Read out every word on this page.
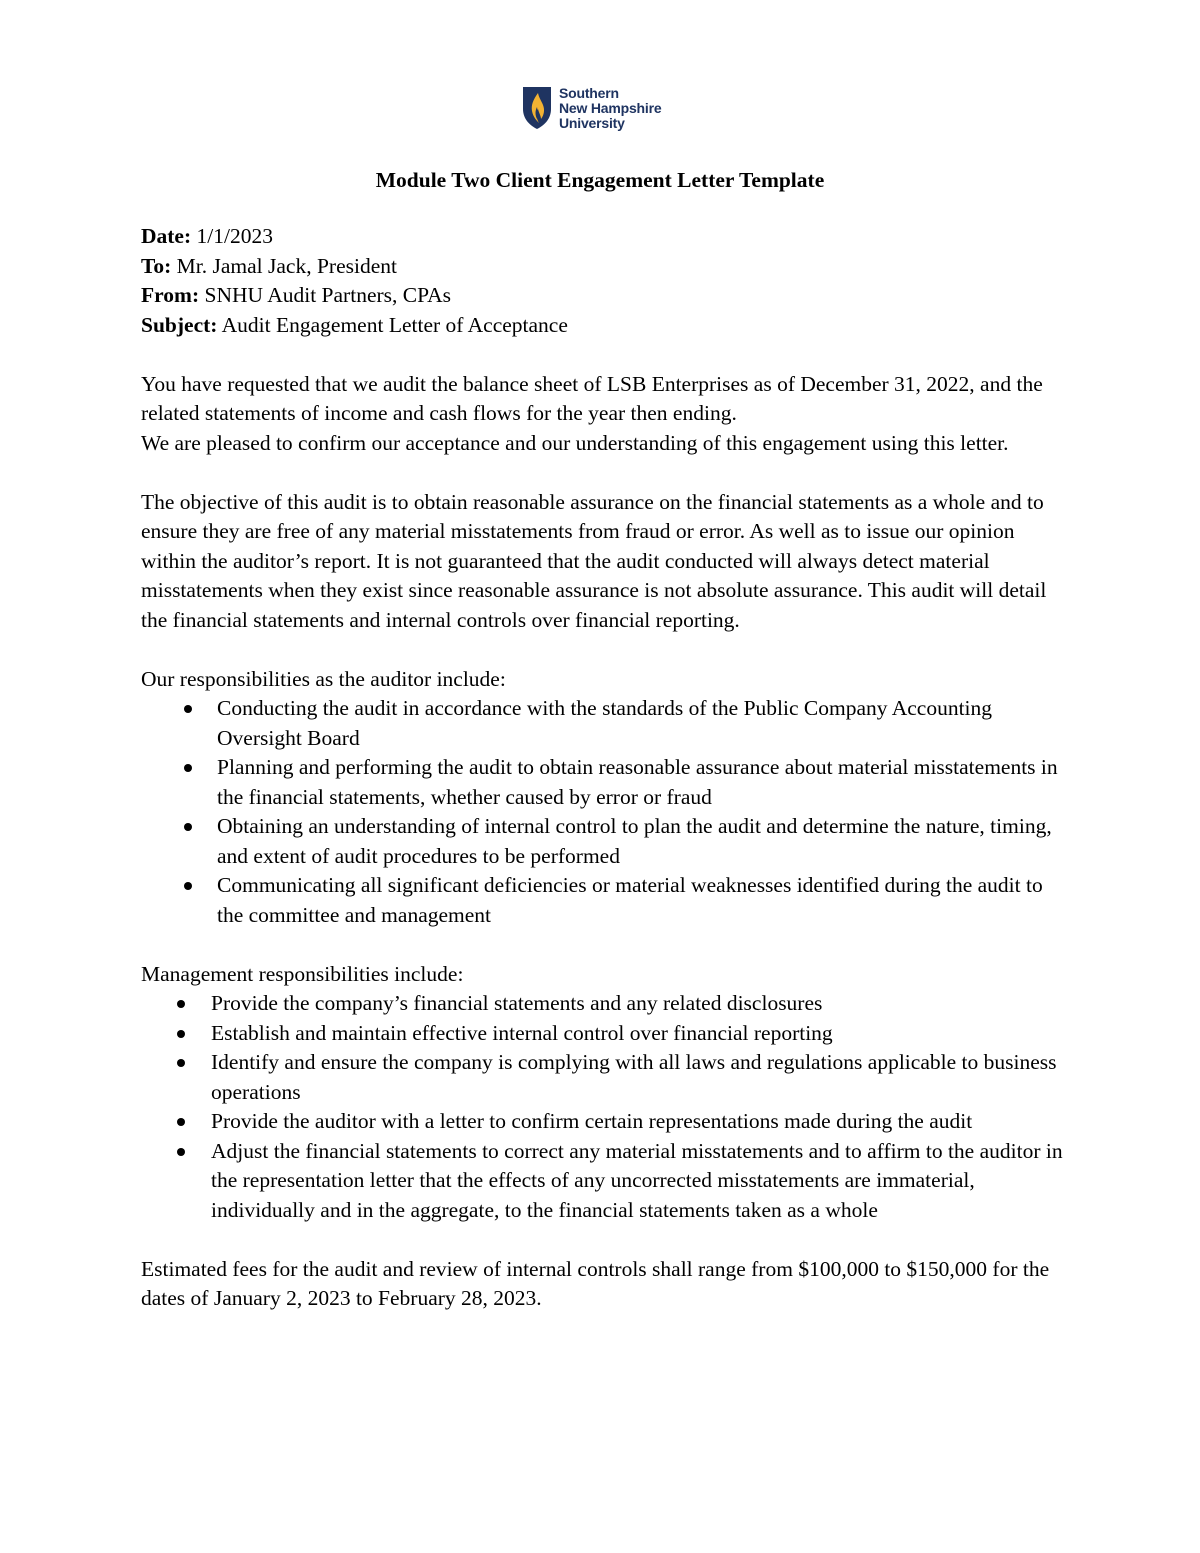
Southern
New Hampshire
University
Module Two Client Engagement Letter Template

Date: 1/1/2023

To: Mr. Jamal Jack, President

From: SNHU Audit Partners, CPAs

Subject: Audit Engagement Letter of Acceptance

You have requested that we audit the balance sheet of LSB Enterprises as of December 31, 2022, and the related statements of income and cash flows for the year then ending.

We are pleased to confirm our acceptance and our understanding of this engagement using this letter.

The objective of this audit is to obtain reasonable assurance on the financial statements as a whole and to ensure they are free of any material misstatements from fraud or error. As well as to issue our opinion within the auditor’s report. It is not guaranteed that the audit conducted will always detect material misstatements when they exist since reasonable assurance is not absolute assurance. This audit will detail the financial statements and internal controls over financial reporting.

Our responsibilities as the auditor include:

Conducting the audit in accordance with the standards of the Public Company Accounting Oversight Board
Planning and performing the audit to obtain reasonable assurance about material misstatements in the financial statements, whether caused by error or fraud
Obtaining an understanding of internal control to plan the audit and determine the nature, timing, and extent of audit procedures to be performed
Communicating all significant deficiencies or material weaknesses identified during the audit to the committee and management

Management responsibilities include:

Provide the company’s financial statements and any related disclosures
Establish and maintain effective internal control over financial reporting
Identify and ensure the company is complying with all laws and regulations applicable to business operations
Provide the auditor with a letter to confirm certain representations made during the audit
Adjust the financial statements to correct any material misstatements and to affirm to the auditor in the representation letter that the effects of any uncorrected misstatements are immaterial, individually and in the aggregate, to the financial statements taken as a whole

Estimated fees for the audit and review of internal controls shall range from $100,000 to $150,000 for the dates of January 2, 2023 to February 28, 2023.
